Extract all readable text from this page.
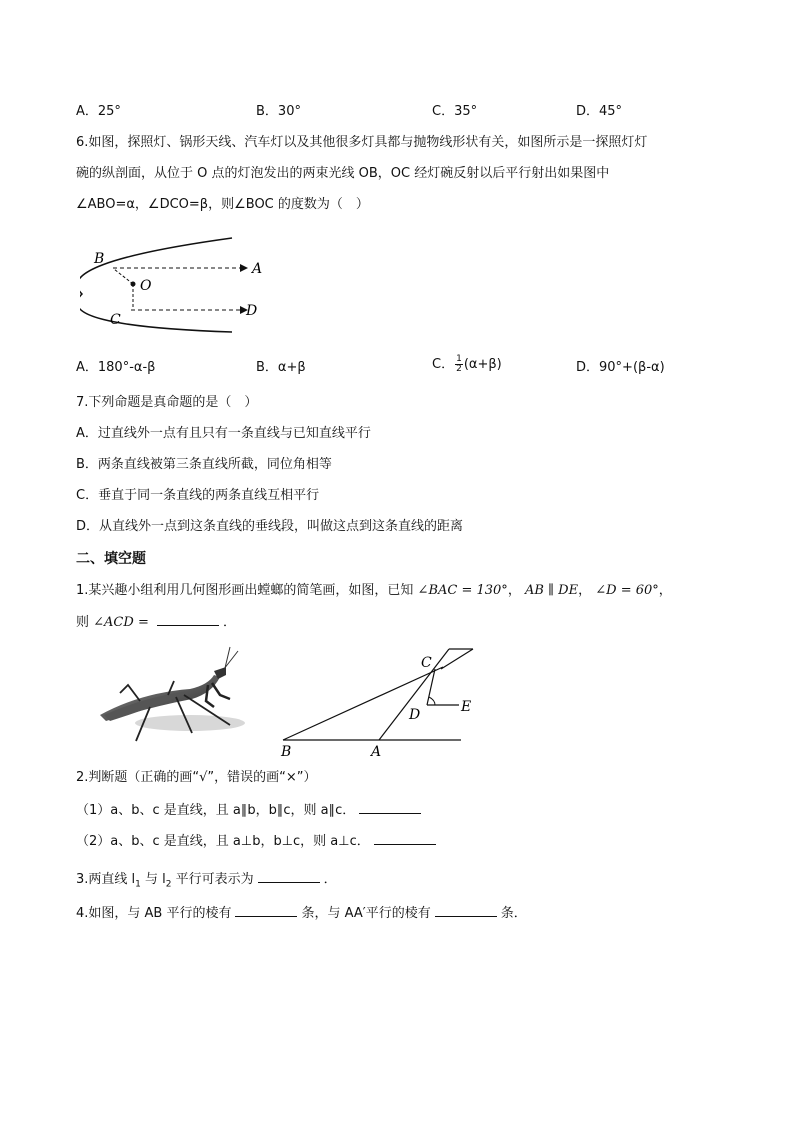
A．25°	B．30°	C．35°	D．45°
6.如图，探照灯、锅形天线、汽车灯以及其他很多灯具都与抛物线形状有关，如图所示是一探照灯灯
碗的纵剖面，从位于 O 点的灯泡发出的两束光线 OB，OC 经灯碗反射以后平行射出如果图中
∠ABO=α，∠DCO=β，则∠BOC 的度数为（　）
B
A
O
C
D
A．180°-α-β	B．α+β	C． $\frac{1}{2} (\alpha+\beta)$	D．90°+(β-α)
7.下列命题是真命题的是（　）
A．过直线外一点有且只有一条直线与已知直线平行
B．两条直线被第三条直线所截，同位角相等
C．垂直于同一条直线的两条直线互相平行
D．从直线外一点到这条直线的垂线段，叫做这点到这条直线的距离
二、填空题
1.某兴趣小组利用几何图形画出螳螂的简笔画，如图，已知 ∠BAC = 130°， AB ∥ DE， ∠D = 60°，
则 ∠ACD =	．
C
D	E
B	A
2.判断题（正确的画“√”，错误的画“×”）
（1）a、b、c 是直线，且 a∥b，b∥c，则 a∥c．
（2）a、b、c 是直线，且 a⊥b，b⊥c，则 a⊥c．
3.两直线 $l_1$ 与 $l_2$ 平行可表示为	．
4.如图，与 AB 平行的棱有	条，与 AA′平行的棱有	条．
